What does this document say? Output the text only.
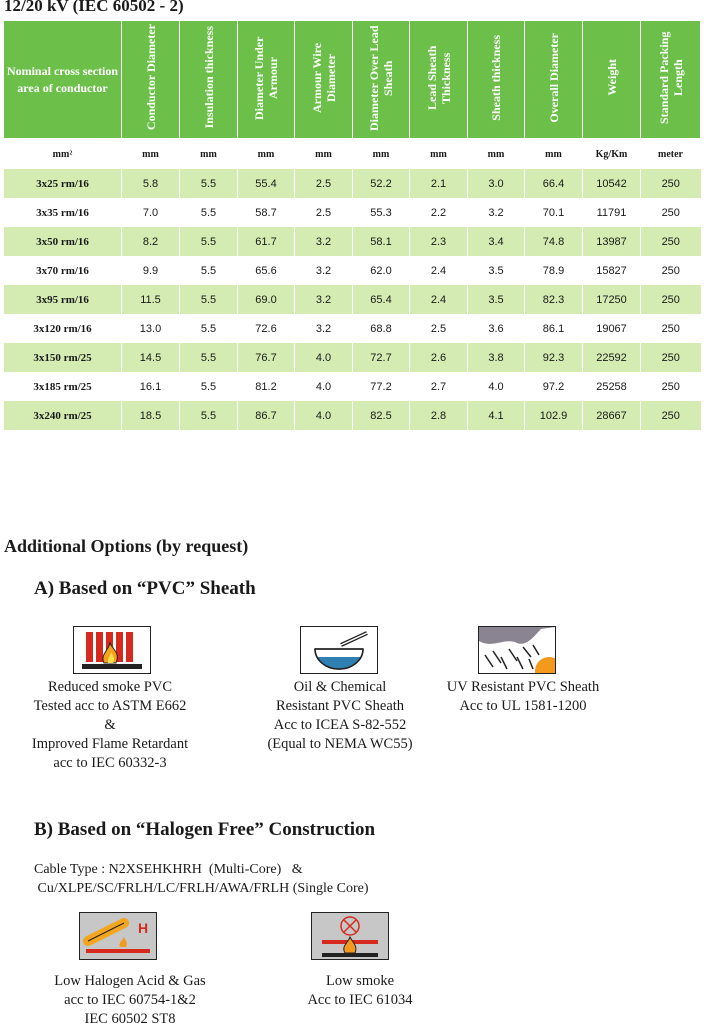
12/20 kV (IEC 60502 - 2)
Nominal cross section area of conductor	Conductor Diameter	Insulation thickness	Diameter Under Armour	Armour Wire Diameter	Diameter Over Lead Sheath	Lead Sheath Thickness	Sheath thickness	Overall Diameter	Weight	Standard Packing Length
mm²	mm	mm	mm	mm	mm	mm	mm	mm	Kg/Km	meter
3x25 rm/16	5.8	5.5	55.4	2.5	52.2	2.1	3.0	66.4	10542	250
3x35 rm/16	7.0	5.5	58.7	2.5	55.3	2.2	3.2	70.1	11791	250
3x50 rm/16	8.2	5.5	61.7	3.2	58.1	2.3	3.4	74.8	13987	250
3x70 rm/16	9.9	5.5	65.6	3.2	62.0	2.4	3.5	78.9	15827	250
3x95 rm/16	11.5	5.5	69.0	3.2	65.4	2.4	3.5	82.3	17250	250
3x120 rm/16	13.0	5.5	72.6	3.2	68.8	2.5	3.6	86.1	19067	250
3x150 rm/25	14.5	5.5	76.7	4.0	72.7	2.6	3.8	92.3	22592	250
3x185 rm/25	16.1	5.5	81.2	4.0	77.2	2.7	4.0	97.2	25258	250
3x240 rm/25	18.5	5.5	86.7	4.0	82.5	2.8	4.1	102.9	28667	250
Additional Options (by request)
A) Based on “PVC” Sheath
Reduced smoke PVC
Tested acc to ASTM E662
&
Improved Flame Retardant
acc to IEC 60332-3
Oil & Chemical
Resistant PVC Sheath
Acc to ICEA S-82-552
(Equal to NEMA WC55)
UV Resistant PVC Sheath
Acc to UL 1581-1200
B) Based on “Halogen Free” Construction
Cable Type : N2XSEHKHRH  (Multi-Core)   &
Cu/XLPE/SC/FRLH/LC/FRLH/AWA/FRLH (Single Core)
H
Low Halogen Acid & Gas
acc to IEC 60754-1&2
IEC 60502 ST8
Low smoke
Acc to IEC 61034
